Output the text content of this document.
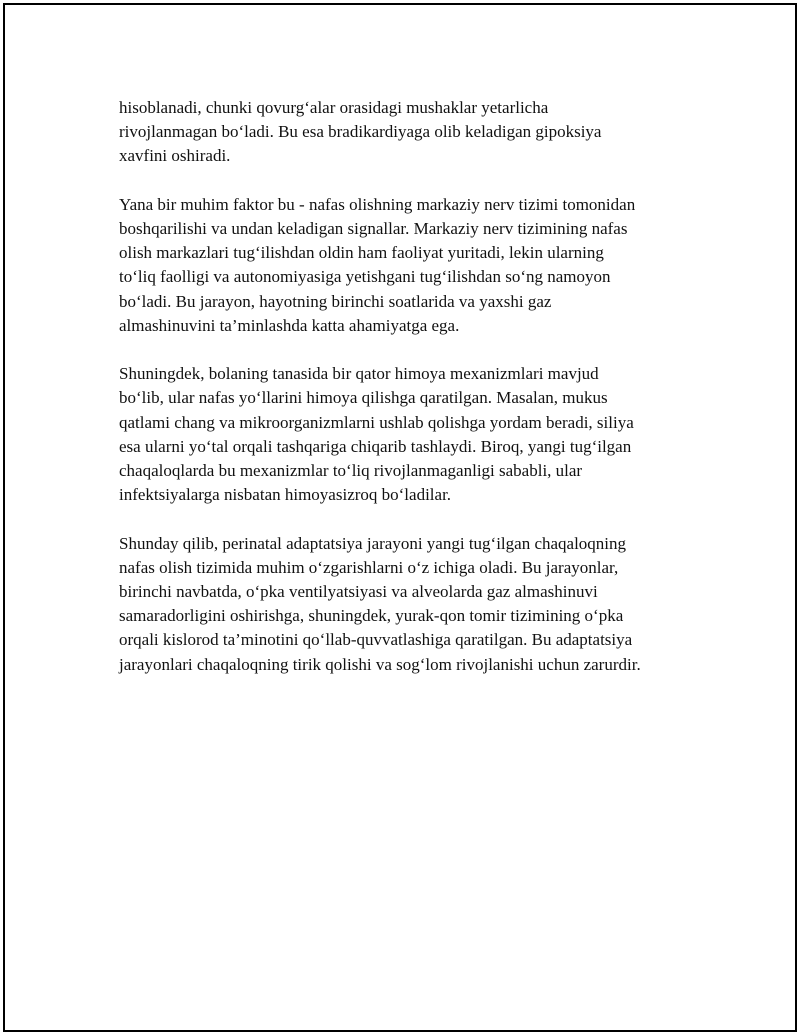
hisoblanadi, chunki qovurg‘alar orasidagi mushaklar yetarlicha
rivojlanmagan bo‘ladi. Bu esa bradikardiyaga olib keladigan gipoksiya
xavfini oshiradi.

Yana bir muhim faktor bu - nafas olishning markaziy nerv tizimi tomonidan
boshqarilishi va undan keladigan signallar. Markaziy nerv tizimining nafas
olish markazlari tug‘ilishdan oldin ham faoliyat yuritadi, lekin ularning
to‘liq faolligi va autonomiyasiga yetishgani tug‘ilishdan so‘ng namoyon
bo‘ladi. Bu jarayon, hayotning birinchi soatlarida va yaxshi gaz
almashinuvini ta’minlashda katta ahamiyatga ega.

Shuningdek, bolaning tanasida bir qator himoya mexanizmlari mavjud
bo‘lib, ular nafas yo‘llarini himoya qilishga qaratilgan. Masalan, mukus
qatlami chang va mikroorganizmlarni ushlab qolishga yordam beradi, siliya
esa ularni yo‘tal orqali tashqariga chiqarib tashlaydi. Biroq, yangi tug‘ilgan
chaqaloqlarda bu mexanizmlar to‘liq rivojlanmaganligi sababli, ular
infektsiyalarga nisbatan himoyasizroq bo‘ladilar.

Shunday qilib, perinatal adaptatsiya jarayoni yangi tug‘ilgan chaqaloqning
nafas olish tizimida muhim o‘zgarishlarni o‘z ichiga oladi. Bu jarayonlar,
birinchi navbatda, o‘pka ventilyatsiyasi va alveolarda gaz almashinuvi
samaradorligini oshirishga, shuningdek, yurak-qon tomir tizimining o‘pka
orqali kislorod ta’minotini qo‘llab-quvvatlashiga qaratilgan. Bu adaptatsiya
jarayonlari chaqaloqning tirik qolishi va sog‘lom rivojlanishi uchun zarurdir.
